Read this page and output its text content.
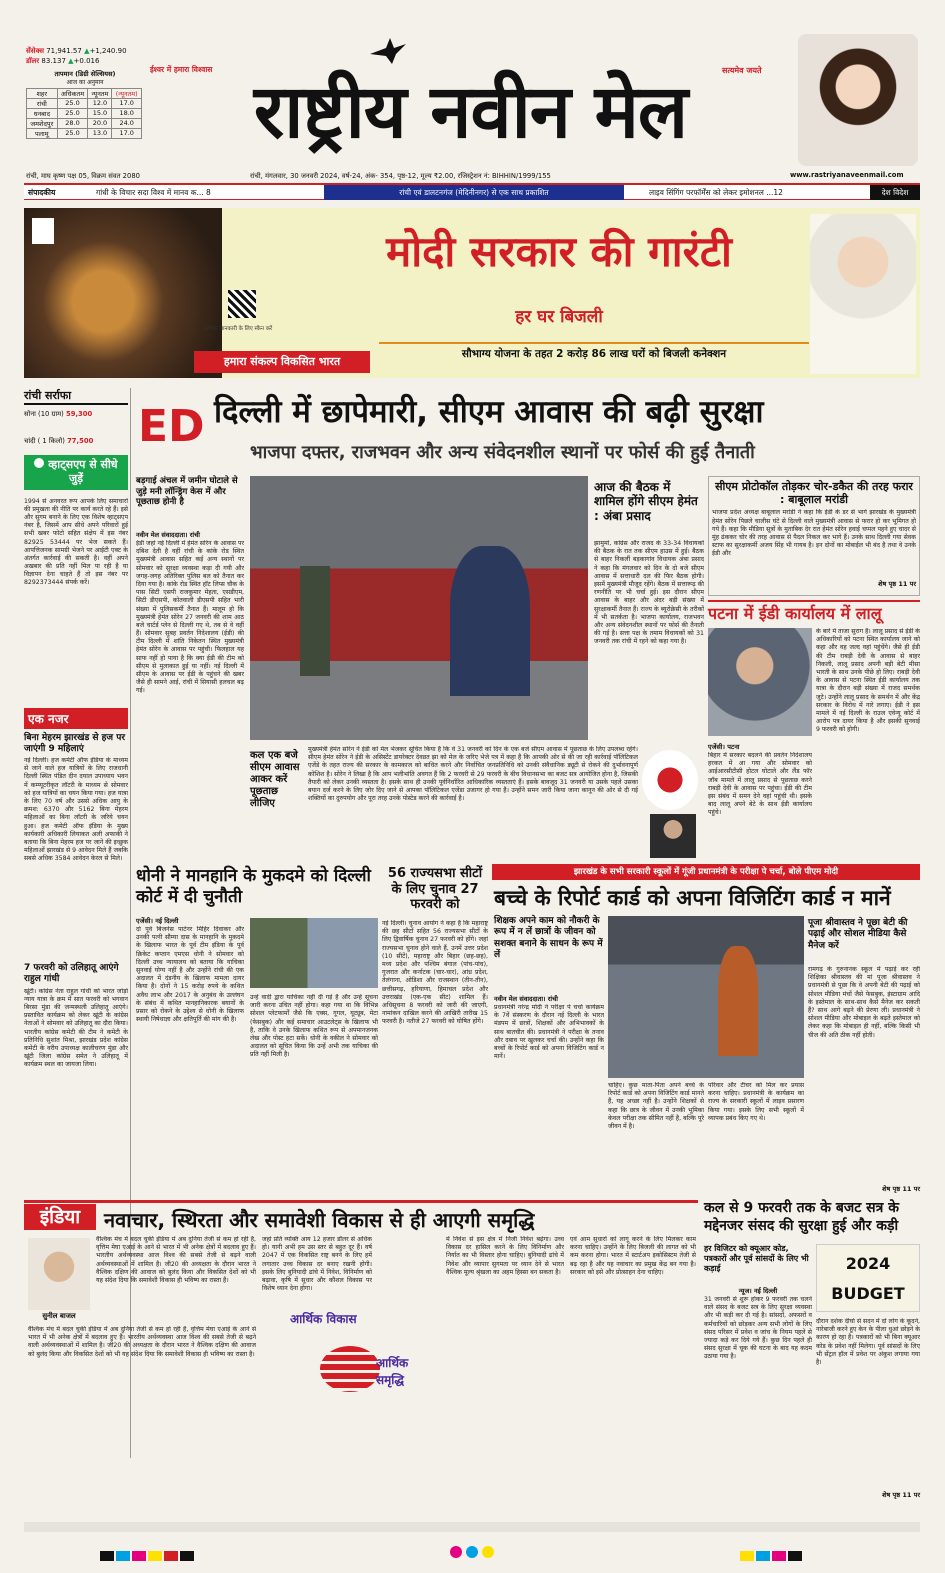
सेंसेक्स 71,941.57 ▲+1,240.90
डॉलर 83.137 ▲+0.016
तापमान (डिग्री सेल्सियस)
आज का अनुमान
शहर	अधिकतम	न्यूनतम	(न्यूनतम)
रांची	25.0	12.0	17.0
धनबाद	25.0	15.0	18.0
जमशेदपुर	28.0	20.0	24.0
पलामू	25.0	13.0	17.0
ईश्वर में हमारा विश्वास	सत्यमेव जयते
राष्ट्रीय नवीन मेल
रांची, माघ कृष्ण पक्ष 05, विक्रम संवत 2080	रांची, मंगलवार, 30 जनवरी 2024, वर्ष-24, अंक- 354, पृष्ठ-12, मूल्य ₹2.00, रजिस्ट्रेशन नं: BIHHIN/1999/155	www.rastriyanaveenmail.com
संपादकीय	गांधी के विचार सदा विश्व में मानव क... 8	रांची एवं डालटनगंज (मेदिनीनगर) से एक साथ प्रकाशित	लाइव सिंगिंग परफॉर्मेंस को लेकर इमोशनल ...12	देश विदेश
अधिक जानकारी के लिए स्कैन करें
हमारा संकल्प विकसित भारत
मोदी सरकार की गारंटी
हर घर बिजली
सौभाग्य योजना के तहत 2 करोड़ 86 लाख घरों को बिजली कनेक्शन
रांची सर्राफा
सोना (10 ग्राम) 59,300
चांदी ( 1 किलो) 77,500
व्हाट्सएप से सीधे जुड़ें
1994 से अनवरत रूप आपके लिए समाचारों की प्रमुखता की नीति पर कार्य करते रहे हैं। इसे और सुगम बनाने के लिए एक विशेष व्हाट्सएप नंबर है, जिसमें आप सीधे अपने परिवारों हुई सभी खबर फोटो सहित संक्षेप में इस नंबर 82925 53444 पर भेज सकते हैं। आपत्तिजनक सामग्री भेजने पर आईटी एक्ट के अंतर्गत कार्रवाई की सकती है। वहीं अपने अखबार की प्रति नहीं मिल पा रही है या विज्ञापन देना चाहते हैं तो इस नंबर पर 8292373444 संपर्क करें।
एक नजर
बिना मेहरम झारखंड से हज पर जाएंगी 9 महिलाएं
नई दिल्ली। हज कमेटी ऑफ इंडिया के माध्यम से जाने वाले हज यात्रियों के लिए राजधानी दिल्ली स्थित पंडित दीन दयाल उपाध्याय भवन में कम्प्यूटरीकृत लॉटरी के माध्यम से सोमवार को हज यात्रियों का चयन किया गया। हज यात्रा के लिए 70 वर्ष और उससे अधिक आयु के क्रमश: 6370 और 5162 बिना मेहरम महिलाओं का बिना लॉटरी के जरिये चयन हुआ। हज कमेटी ऑफ इंडिया के मुख्य कार्यकारी अधिकारी लियाकत अली अफाकी ने बताया कि बिना मेहरम हज पर जाने की इच्छुक महिलाओं झारखंड से 9 आवेदन मिले हैं जबकि सबसे अधिक 3584 आवेदन केरल से मिले।
7 फरवरी को उलिहातू आएंगे राहुल गांधी
खूंटी। कांग्रेस नेता राहुल गांधी को भारत जोड़ो न्याय यात्रा के क्रम में सात फरवरी को भगवान बिरसा मुंडा की जन्मस्थली उलिहातू आएंगे। प्रस्तावित कार्यक्रम को लेकर खूंटी के कांग्रेस नेताओं ने सोमवार को उलिहातू का दौरा किया। भारतीय कांग्रेस कमेटी की टीम ने कमेटी के प्रतिनिधि सुशांत मिश्रा, झारखंड प्रदेश कांग्रेस कमेटी के वरीय उपाध्यक्ष कालीचरण मुंडा और खूंटी जिला कांग्रेस समेत ने उलिहातू में कार्यक्रम स्थल का जायजा लिया।
ED दिल्ली में छापेमारी, सीएम आवास की बढ़ी सुरक्षा
भाजपा दफ्तर, राजभवन और अन्य संवेदनशील स्थानों पर फोर्स की हुई तैनाती
बड़गाई अंचल में जमीन घोटाले से जुड़े मनी लॉन्ड्रिंग केस में और पूछताछ होनी है
नवीन मेल संवाददाता। रांची
ईडी जहां नई दिल्ली में हेमंत सोरेन के आवास पर दबिश देती है वहीं रांची के कांके रोड स्थित मुख्यमंत्री आवास सहित कई अन्य स्थानों पर सोमवार को सुरक्षा व्यवस्था कड़ा दी गयी और जगह-जगह अतिरिक्त पुलिस बल को तैनात कर दिया गया है। कांके रोड स्थित हॉट लिप्स चौक के पास सिटी एसपी राजकुमार मेहता, एसडीएम, सिटी डीएसपी, कोतवाली डीएसपी सहित भारी संख्या में पुलिसकर्मी तैनात हैं। मालूम हो कि मुख्यमंत्री हेमंत सोरेन 27 जनवरी की शाम आठ बजे चार्टर्ड प्लेन से दिल्ली गए थे, तब से वे वहीं हैं। सोमवार सुबह प्रवर्तन निदेशालय (ईडी) की टीम दिल्ली में शांति निकेतन स्थित मुख्यमंत्री हेमंत सोरेन के आवास पर पहुंची। फिलहाल यह साफ नहीं हो पाया है कि क्या ईडी की टीम को सीएम से मुलाकात हुई या नहीं। नई दिल्ली में सीएम के आवास पर ईडी के पहुंचने की खबर जैसे ही सामने आई, रांची में सियासी हलचल बढ़ गई।
आज की बैठक में शामिल होंगे सीएम हेमंत : अंबा प्रसाद
झामुमो, कांग्रेस और राजद के 33-34 विधायकों की बैठक के रात तक सीएम हाउस में हुई। बैठक से बाहर निकलीं बड़कागांव विधायक अंबा प्रसाद ने कहा कि मंगलवार को दिन के दो बजे सीएम आवास में सत्ताधारी दल की फिर बैठक होगी। इसमें मुख्यमंत्री मौजूद रहेंगे। बैठक में सत्तारूढ़ की रणनीति पर भी चर्चा हुई। इस दौरान सीएम आवास के बाहर और अंदर बड़ी संख्या में सुरक्षाकर्मी तैनात हैं। राज्य के ब्यूरोक्रेसी के तरीकों में भी सतर्कता है। भाजपा कार्यालय, राजभवन और अन्य संवेदनशील स्थानों पर फोर्स की तैनाती की गई है। सत्ता पक्ष के तमाम विधायकों को 31 जनवरी तक रांची में रहने को कहा गया है।
कल एक बजे सीएम आवास आकर करें पूछताछ लीजिए
मुख्यमंत्री हेमंत सोरेन ने ईडी को मेल भेजकर सूचित किया है कि वे 31 जनवरी को दिन के एक बजे सीएम आवास में पूछताछ के लिए उपलब्ध रहेंगे। सीएम हेमंत सोरेन ने ईडी के असिस्टेंट डायरेक्टर देवव्रत झा को मेल के जरिए भेजे पत्र में कहा है कि आपकी ओर से की जा रही कार्रवाई पॉलिटिकल एजेंडे के तहत राज्य की सरकार के कामकाज को बाधित करने और निर्वाचित जनप्रतिनिधि को उनकी संवैधानिक ड्यूटी से रोकने की दुर्भावनापूर्ण कोशिश है। सोरेन ने लिखा है कि आप भलीभांति अवगत हैं कि 2 फरवरी से 29 फरवरी के बीच विधानसभा का बजट सत्र आयोजित होना है, जिसकी तैयारी को लेकर उनकी व्यस्तता है। इसके साथ ही उनकी पूर्वनिर्धारित आधिकारिक व्यस्तताएं हैं। इसके बावजूद 31 जनवरी या उसके पहले उसका बयान दर्ज करने के लिए जोर दिए जाने से आपका पॉलिटिकल एजेंडा उजागर हो गया है। उन्होंने समन जारी किया जाना कानून की ओर से दी गई शक्तियों का दुरुपयोग और पूरा तरह उनके पोस्टेड करने की कार्रवाई है।
सीएम प्रोटोकॉल तोड़कर चोर-डकैत की तरह फरार : बाबूलाल मरांडी
भाजपा प्रदेश अध्यक्ष बाबूलाल मरांडी ने कहा कि ईडी के डर से भागे झारखंड के मुख्यमंत्री हेमंत सोरेन पिछले चालीस घंटे से दिल्ली वाले मुख्यमंत्री आवास से फरार हो कर भूमिगत हो गये हैं। कहा कि मीडिया सूत्रों के मुताबिक देर रात हेमंत सोरेन हवाई चप्पल पहने हुए चादर से मुंह ढंककर चोर की तरह आवास से पैदल निकल कर भागे हैं। उनके साथ दिल्ली गया सेवक स्टाफ का सुरक्षाकर्मी अजय सिंह भी गायब है। इन दोनों का मोबाईल भी बंद है तथा वे उनके ईडी और
शेष पृष्ठ 11 पर
पटना में ईडी कार्यालय में लालू
एजेंसी। पटना
बिहार में सरकार बदलने की प्रवर्तन निदेशालय हरकत में आ गया और सोमवार को आईआरसीटीसी होटल घोटाले और लैंड फॉर जॉब मामले में लालू प्रसाद से पूछताछ करने राबड़ी देवी के आवास पर पहुंचा। ईडी की टीम इस संबंध में समन देने वहां पहुंची थी। इसके बाद लालू अपने बेटे के साथ ईडी कार्यालय पहुंचे।
के बारे में ताजा सुराग हैं। लालू प्रसाद से ईडी के अधिकारियों को पटना स्थित कार्यालय जाने को कहा और वह जल्द वहां पहुंचेंगे। जैसे ही ईडी की टीम राबड़ी देवी के आवास से बाहर निकली, लालू प्रसाद अपनी बड़ी बेटी मीसा भारती के साथ उनके पीछे हो लिए। राबड़ी देवी के आवास से पटना स्थित ईडी कार्यालय तक यात्रा के दौरान बड़ी संख्या में राजद समर्थक जुटे। उन्होंने लालू प्रसाद के समर्थन में और केंद्र सरकार के विरोध में नारे लगाए। ईडी ने इस मामले में नई दिल्ली के राउज एवेन्यू कोर्ट में आरोप पत्र दायर किया है और इसकी सुनवाई 9 फरवरी को होगी।
धोनी ने मानहानि के मुकदमे को दिल्ली कोर्ट में दी चुनौती
एजेंसी। नई दिल्ली
दो पूर्व बिजनेस पार्टनर मिहिर दिवाकर और उनकी पत्नी सौम्या दास के मानहानि के मुकदमे के खिलाफ भारत के पूर्व टीम इंडिया के पूर्व क्रिकेट कप्तान एमएस धोनी ने सोमवार को दिल्ली उच्च न्यायालय को बताया कि याचिका सुनवाई योग्य नहीं है और उन्होंने रांची की एक अदालत में दंडनीय के खिलाफ मामला दायर किया है। दोनों ने 15 करोड़ रुपये के कथित अवैध लाभ और 2017 के अनुबंध के उल्लंघन के संबंध में कथित मानहानिकारक बयानों के प्रसार को रोकने के उद्देश्य से धोनी के खिलाफ स्थायी निषेधाज्ञा और क्षतिपूर्ति की मांग की है।
उन्हें वादी द्वारा याचिका नहीं दी गई है और उन्हें सूचना जारी करना उचित नहीं होगा। कहा गया था कि विभिन्न सोशल प्लेटफार्मों जैसे कि एक्स, गूगल, यूट्यूब, मेटा (फेसबुक) और कई समाचार आउटलेट्स के खिलाफ भी है, ताकि वे उनके खिलाफ कथित रूप से अपमानजनक लेख और पोस्ट हटा सकें। धोनी के वकील ने सोमवार को अदालत को सूचित किया कि उन्हें अभी तक याचिका की प्रति नहीं मिली है।
56 राज्यसभा सीटों के लिए चुनाव 27 फरवरी को
नई दिल्ली। चुनाव आयोग ने कहा है कि महाराष्ट्र की छह सीटों सहित 56 राज्यसभा सीटों के लिए द्विवार्षिक चुनाव 27 फरवरी को होंगे। जहां राज्यसभा चुनाव होने वाले हैं, उनमें उत्तर प्रदेश (10 सीटें), महाराष्ट्र और बिहार (छह-छह), मध्य प्रदेश और पश्चिम बंगाल (पांच-पांच), गुजरात और कर्नाटक (चार-चार), आंध्र प्रदेश, तेलंगाना, ओडिशा और राजस्थान (तीन-तीन), छत्तीसगढ़, हरियाणा, हिमाचल प्रदेश और उत्तराखंड (एक-एक सीट) शामिल हैं। अधिसूचना 8 फरवरी को जारी की जाएगी, नामांकन दाखिल करने की आखिरी तारीख 15 फरवरी है। नतीजे 27 फरवरी को घोषित होंगे।
झारखंड के सभी सरकारी स्कूलों में गूंजी प्रधानमंत्री के परीक्षा पे चर्चा, बोले पीएम मोदी
बच्चे के रिपोर्ट कार्ड को अपना विजिटिंग कार्ड न मानें
शिक्षक अपने काम को नौकरी के रूप में न लें छात्रों के जीवन को सशक्त बनाने के साधन के रूप में लें
नवीन मेल संवाददाता। रांची
प्रधानमंत्री नरेन्द्र मोदी ने परीक्षा पे चर्चा कार्यक्रम के 7वें संस्करण के दौरान नई दिल्ली के भारत मंडपम में छात्रों, शिक्षकों और अभिभावकों के साथ बातचीत की। प्रधानमंत्री ने परीक्षा के तनाव और दबाव पर खुलकर चर्चा की। उन्होंने कहा कि बच्चों के रिपोर्ट कार्ड को अपना विजिटिंग कार्ड न मानें।
चाहिए। कुछ माता-पिता अपने बच्चे के रिपोर्ट कार्ड को अपना विजिटिंग कार्ड मानते हैं, यह अच्छा नहीं है। उन्होंने शिक्षकों से कहा कि छात्र के जीवन में उनकी भूमिका केवल परीक्षा तक सीमित नहीं है, बल्कि पूरे जीवन में है।
परिवार और टीचर को मिल कर प्रयास करना चाहिए। प्रधानमंत्री के कार्यक्रम का राज्य के सरकारी स्कूलों में लाइव प्रसारण किया गया। इसके लिए सभी स्कूलों में व्यापक प्रबंध किए गए थे।
पूजा श्रीवास्तव ने पूछा बेटी की पढ़ाई और सोशल मीडिया कैसे मैनेज करें
रामगढ़ के गुरुनानक स्कूल में पढ़ाई कर रही शिक्षिका श्रीवास्तव की मां पूजा श्रीवास्तव ने प्रधानमंत्री से पूछा कि वे अपनी बेटी की पढ़ाई को सोशल मीडिया मंचों जैसे फेसबुक, इंस्टाग्राम आदि के इस्तेमाल के साथ-साथ कैसे मैनेज कर सकती हैं? साथ आगे बढ़ने की प्रेरणा ली। प्रधानमंत्री ने सोशल मीडिया और मोबाइल के बढ़ते इस्तेमाल को लेकर कहा कि मोबाइल ही नहीं, बल्कि किसी भी चीज की अति ठीक नहीं होती।
शेष पृष्ठ 11 पर
इंडिया	नवाचार, स्थिरता और समावेशी विकास से ही आएगी समृद्धि
सुनील बाजल
वैश्विक मंच में बदल चुकी इंडिया में अब दुनिया तेजी से कम हो रही है, वृत्तिम मेघा एआई के आने से भारत में भी अनेक क्षेत्रों में बदलाव हुए हैं। भारतीय अर्थव्यवस्था आज विश्व की सबसे तेजी से बढ़ने वाली अर्थव्यवस्थाओं में शामिल है। जी20 की अध्यक्षता के दौरान भारत ने वैश्विक दक्षिण की आवाज को बुलंद किया और विकसित देशों को भी यह संदेश दिया कि समावेशी विकास ही भविष्य का रास्ता है।
वैश्विक मंच में बदल चुकी इंडिया में अब दुनिया तेजी से कम हो रही है, वृत्तिम मेघा एआई के आने से भारत में भी अनेक क्षेत्रों में बदलाव हुए हैं। भारतीय अर्थव्यवस्था आज विश्व की सबसे तेजी से बढ़ने वाली अर्थव्यवस्थाओं में शामिल है। जी20 की अध्यक्षता के दौरान भारत ने वैश्विक दक्षिण की आवाज को बुलंद किया और विकसित देशों को भी यह संदेश दिया कि समावेशी विकास ही भविष्य का रास्ता है।
जहां प्रति व्यक्ति आय 12 हजार डॉलर से अधिक हो। यानी अभी हम उस स्तर से बहुत दूर हैं। वर्ष 2047 में एक विकसित राष्ट्र बनने के लिए हमें लगातार उच्च विकास दर बनाए रखनी होगी। इसके लिए बुनियादी ढांचे में निवेश, विनिर्माण को बढ़ावा, कृषि में सुधार और कौशल विकास पर विशेष ध्यान देना होगा।
आर्थिक विकास
आर्थिक समृद्धि
में निवेश से इस क्षेत्र में निजी निवेश बढ़ेगा। उच्च विकास दर हासिल करने के लिए विनिर्माण और निर्यात का भी विस्तार होना चाहिए। बुनियादी ढांचे में निवेश और व्यापार सुगमता पर ध्यान देने से भारत वैश्विक मूल्य श्रृंखला का अहम हिस्सा बन सकता है।
एवं आम सुधारों को लागू करने के लिए मिलकर काम करना चाहिए। उन्होंने के लिए बिजली की लागत को भी कम करना होगा। भारत में स्टार्टअप इकोसिस्टम तेजी से बढ़ रहा है और यह नवाचार का प्रमुख केंद्र बन गया है। सरकार को इसे और प्रोत्साहन देना चाहिए।
कल से 9 फरवरी तक के बजट सत्र के मद्देनजर संसद की सुरक्षा हुई और कड़ी
हर विजिटर को क्यूआर कोड, पत्रकारों और पूर्व सांसदों के लिए भी कड़ाई
न्यूज। नई दिल्ली
31 जनवरी से शुरू होकर 9 फरवरी तक चलने वाले संसद के बजट सत्र के लिए सुरक्षा व्यवस्था और भी कड़ी कर दी गई है। सांसदों, अफसरों व कर्मचारियों को छोड़कर अन्य सभी लोगों के लिए संसद परिसर में प्रवेश व जांच के नियम पहले से ज्यादा कड़े कर दिये गये हैं। कुछ दिन पहले ही संसद सुरक्षा में चूक की घटना के बाद यह कदम उठाया गया है।
2024 BUDGET
दौरान दर्शक दीर्घा से सदन में दो लोग के कूदने, नारेबाजी करने हुए केन के पीला धुआं छोड़ने के कारण हो रहा है। पत्रकारों को भी बिना क्यूआर कोड के प्रवेश नहीं मिलेगा। पूर्व सांसदों के लिए भी सेंट्रल हॉल में प्रवेश पर अंकुश लगाया गया है।
शेष पृष्ठ 11 पर
